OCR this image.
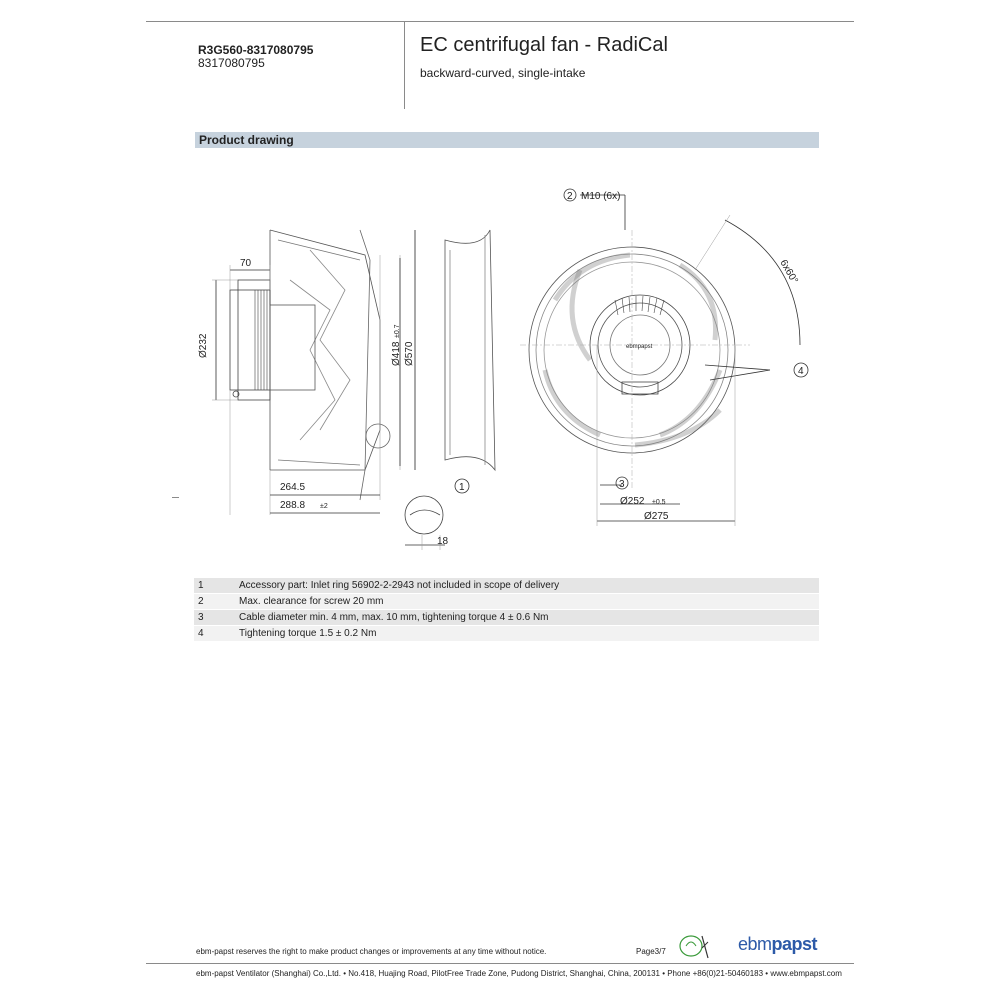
R3G560-8317080795
8317080795
EC centrifugal fan - RadiCal
backward-curved, single-intake
Product drawing
70
Ø232	Ø418
±0.7
Ø570
264.5
288.8 ±2
18
1
2 M10 (6x)
6x60°
3
4
Ø252 ±0.5
Ø275
ebmpapst
1	Accessory part: Inlet ring 56902-2-2943 not included in scope of delivery
2	Max. clearance for screw 20 mm
3	Cable diameter min. 4 mm, max. 10 mm, tightening torque 4 ± 0.6 Nm
4	Tightening torque 1.5 ± 0.2 Nm
ebm-papst reserves the right to make product changes or improvements at any time without notice.	Page3/7	ebmpapst
ebm-papst Ventilator (Shanghai) Co.,Ltd. • No.418, Huajing Road, PilotFree Trade Zone, Pudong District, Shanghai, China, 200131 • Phone +86(0)21-50460183 • www.ebmpapst.com
